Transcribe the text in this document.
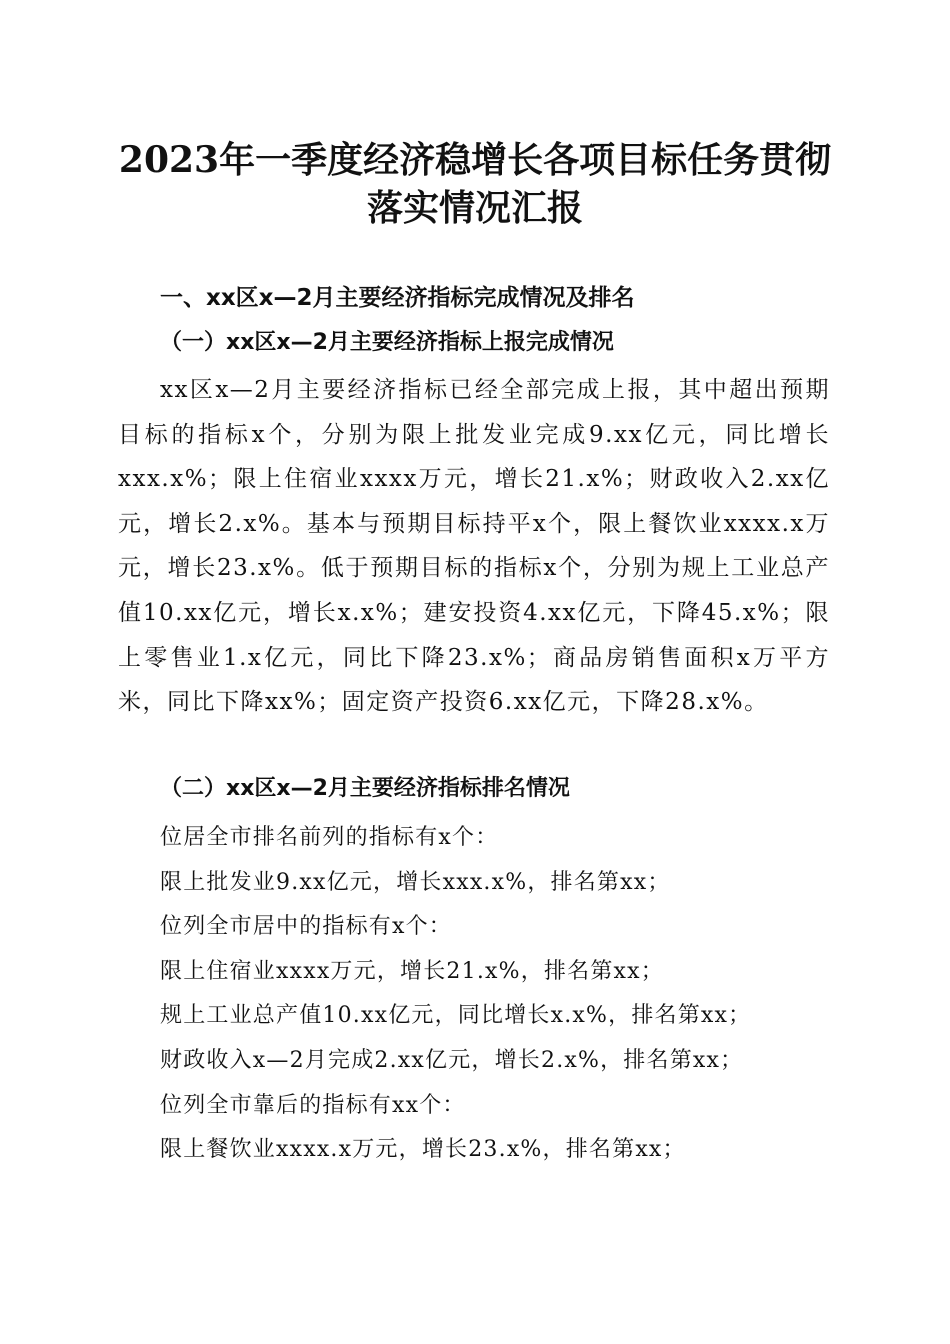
2023年一季度经济稳增长各项目标任务贯彻
落实情况汇报
一、xx区x—2月主要经济指标完成情况及排名
（一）xx区x—2月主要经济指标上报完成情况

xx区x—2月主要经济指标已经全部完成上报，其中超出预期目标的指标x个，分别为限上批发业完成9.xx亿元，同比增长xxx.x%；限上住宿业xxxx万元，增长21.x%；财政收入2.xx亿元，增长2.x%。基本与预期目标持平x个，限上餐饮业xxxx.x万元，增长23.x%。低于预期目标的指标x个，分别为规上工业总产值10.xx亿元，增长x.x%；建安投资4.xx亿元，下降45.x%；限上零售业1.x亿元，同比下降23.x%；商品房销售面积x万平方米，同比下降xx%；固定资产投资6.xx亿元，下降28.x%。

（二）xx区x—2月主要经济指标排名情况
位居全市排名前列的指标有x个：
限上批发业9.xx亿元，增长xxx.x%，排名第xx；
位列全市居中的指标有x个：
限上住宿业xxxx万元，增长21.x%，排名第xx；
规上工业总产值10.xx亿元，同比增长x.x%，排名第xx；
财政收入x—2月完成2.xx亿元，增长2.x%，排名第xx；
位列全市靠后的指标有xx个：
限上餐饮业xxxx.x万元，增长23.x%，排名第xx；
